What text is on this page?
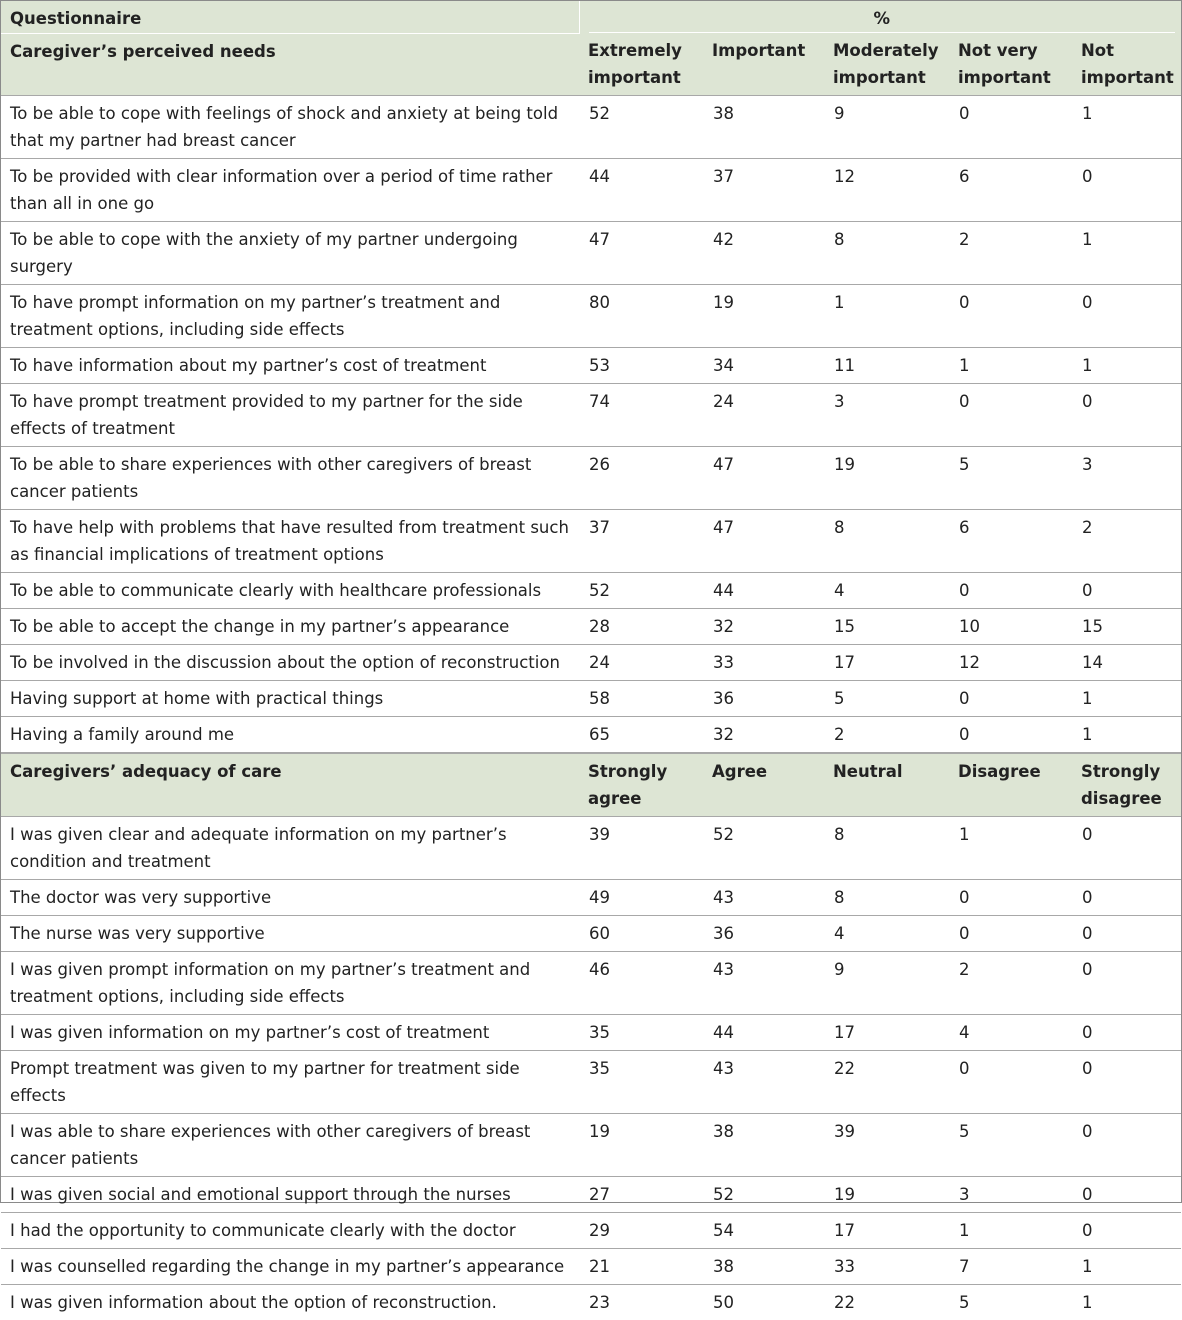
Questionnaire	%				

Caregiver’s perceived needs	Extremely important	Important	Moderately important	Not very important	Not important
To be able to cope with feelings of shock and anxiety at being told that my partner had breast cancer	52	38	9	0	1
To be provided with clear information over a period of time rather than all in one go	44	37	12	6	0
To be able to cope with the anxiety of my partner undergoing surgery	47	42	8	2	1
To have prompt information on my partner’s treatment and treatment options, including side effects	80	19	1	0	0
To have information about my partner’s cost of treatment	53	34	11	1	1
To have prompt treatment provided to my partner for the side effects of treatment	74	24	3	0	0
To be able to share experiences with other caregivers of breast cancer patients	26	47	19	5	3
To have help with problems that have resulted from treatment such as financial implications of treatment options	37	47	8	6	2
To be able to communicate clearly with healthcare professionals	52	44	4	0	0
To be able to accept the change in my partner’s appearance	28	32	15	10	15
To be involved in the discussion about the option of reconstruction	24	33	17	12	14
Having support at home with practical things	58	36	5	0	1
Having a family around me	65	32	2	0	1
Caregivers’ adequacy of care	Strongly agree	Agree	Neutral	Disagree	Strongly disagree
I was given clear and adequate information on my partner’s condition and treatment	39	52	8	1	0
The doctor was very supportive	49	43	8	0	0
The nurse was very supportive	60	36	4	0	0
I was given prompt information on my partner’s treatment and treatment options, including side effects	46	43	9	2	0
I was given information on my partner’s cost of treatment	35	44	17	4	0
Prompt treatment was given to my partner for treatment side effects	35	43	22	0	0
I was able to share experiences with other caregivers of breast cancer patients	19	38	39	5	0
I was given social and emotional support through the nurses	27	52	19	3	0
I had the opportunity to communicate clearly with the doctor	29	54	17	1	0
I was counselled regarding the change in my partner’s appearance	21	38	33	7	1
I was given information about the option of reconstruction.	23	50	22	5	1
